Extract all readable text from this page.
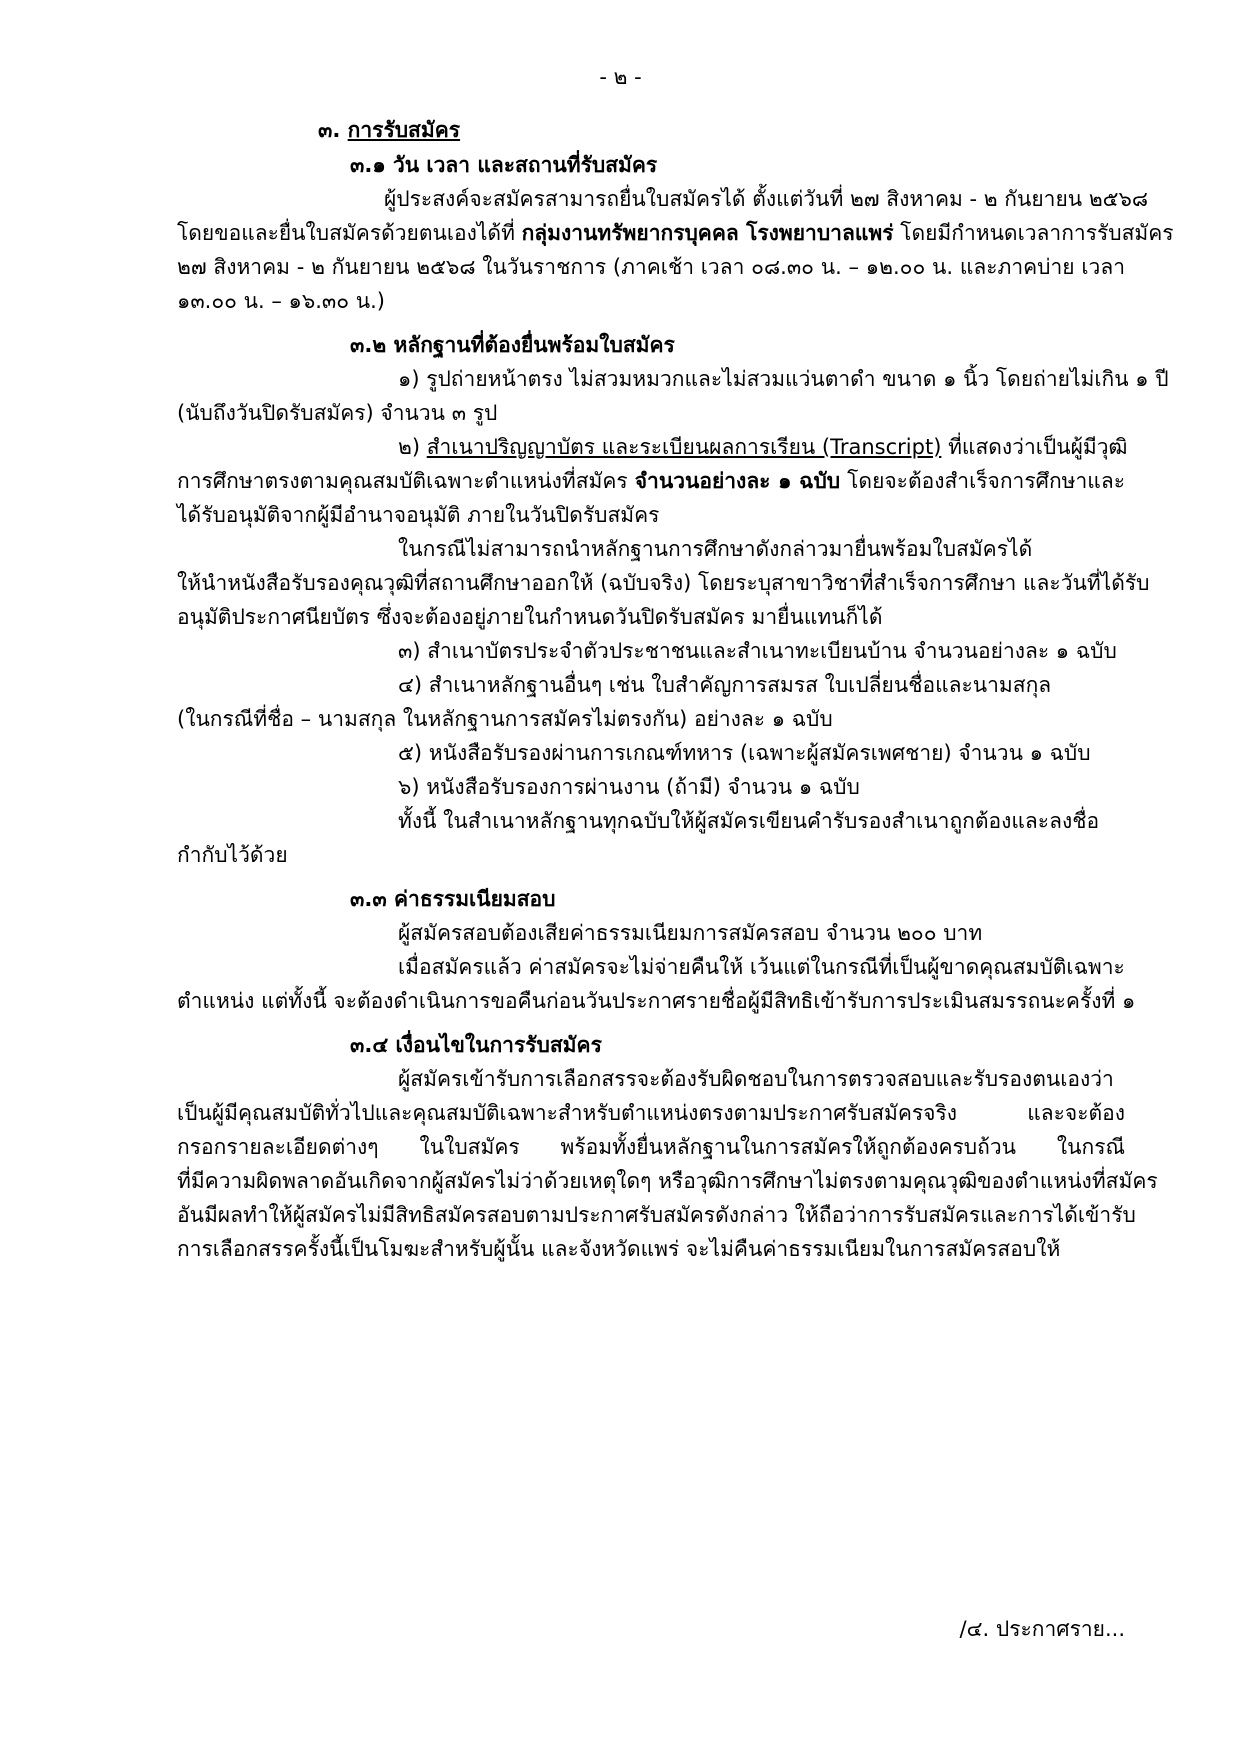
- ๒ -
๓. การรับสมัคร
๓.๑ วัน เวลา และสถานที่รับสมัคร
ผู้ประสงค์จะสมัครสามารถยื่นใบสมัครได้ ตั้งแต่วันที่ ๒๗ สิงหาคม - ๒ กันยายน ๒๕๖๘
โดยขอและยื่นใบสมัครด้วยตนเองได้ที่ กลุ่มงานทรัพยากรบุคคล โรงพยาบาลแพร่ โดยมีกำหนดเวลาการรับสมัคร
๒๗ สิงหาคม - ๒ กันยายน ๒๕๖๘ ในวันราชการ (ภาคเช้า เวลา ๐๘.๓๐ น. – ๑๒.๐๐ น. และภาคบ่าย เวลา
๑๓.๐๐ น. – ๑๖.๓๐ น.)
๓.๒ หลักฐานที่ต้องยื่นพร้อมใบสมัคร
๑) รูปถ่ายหน้าตรง ไม่สวมหมวกและไม่สวมแว่นตาดำ ขนาด ๑ นิ้ว โดยถ่ายไม่เกิน ๑ ปี
(นับถึงวันปิดรับสมัคร) จำนวน ๓ รูป
๒) สำเนาปริญญาบัตร และระเบียนผลการเรียน (Transcript) ที่แสดงว่าเป็นผู้มีวุฒิ
การศึกษาตรงตามคุณสมบัติเฉพาะตำแหน่งที่สมัคร จำนวนอย่างละ ๑ ฉบับ โดยจะต้องสำเร็จการศึกษาและ
ได้รับอนุมัติจากผู้มีอำนาจอนุมัติ ภายในวันปิดรับสมัคร
ในกรณีไม่สามารถนำหลักฐานการศึกษาดังกล่าวมายื่นพร้อมใบสมัครได้
ให้นำหนังสือรับรองคุณวุฒิที่สถานศึกษาออกให้ (ฉบับจริง) โดยระบุสาขาวิชาที่สำเร็จการศึกษา และวันที่ได้รับ
อนุมัติประกาศนียบัตร ซึ่งจะต้องอยู่ภายในกำหนดวันปิดรับสมัคร มายื่นแทนก็ได้
๓) สำเนาบัตรประจำตัวประชาชนและสำเนาทะเบียนบ้าน จำนวนอย่างละ ๑ ฉบับ
๔) สำเนาหลักฐานอื่นๆ เช่น ใบสำคัญการสมรส ใบเปลี่ยนชื่อและนามสกุล
(ในกรณีที่ชื่อ – นามสกุล ในหลักฐานการสมัครไม่ตรงกัน) อย่างละ ๑ ฉบับ
๕) หนังสือรับรองผ่านการเกณฑ์ทหาร (เฉพาะผู้สมัครเพศชาย) จำนวน ๑ ฉบับ
๖) หนังสือรับรองการผ่านงาน (ถ้ามี) จำนวน ๑ ฉบับ
ทั้งนี้ ในสำเนาหลักฐานทุกฉบับให้ผู้สมัครเขียนคำรับรองสำเนาถูกต้องและลงชื่อ
กำกับไว้ด้วย
๓.๓ ค่าธรรมเนียมสอบ
ผู้สมัครสอบต้องเสียค่าธรรมเนียมการสมัครสอบ จำนวน ๒๐๐ บาท
เมื่อสมัครแล้ว ค่าสมัครจะไม่จ่ายคืนให้ เว้นแต่ในกรณีที่เป็นผู้ขาดคุณสมบัติเฉพาะ
ตำแหน่ง แต่ทั้งนี้ จะต้องดำเนินการขอคืนก่อนวันประกาศรายชื่อผู้มีสิทธิเข้ารับการประเมินสมรรถนะครั้งที่ ๑
๓.๔ เงื่อนไขในการรับสมัคร
ผู้สมัครเข้ารับการเลือกสรรจะต้องรับผิดชอบในการตรวจสอบและรับรองตนเองว่า
เป็นผู้มีคุณสมบัติทั่วไปและคุณสมบัติเฉพาะสำหรับตำแหน่งตรงตามประกาศรับสมัครจริง และจะต้อง
กรอกรายละเอียดต่างๆ ในใบสมัคร พร้อมทั้งยื่นหลักฐานในการสมัครให้ถูกต้องครบถ้วน ในกรณี
ที่มีความผิดพลาดอันเกิดจากผู้สมัครไม่ว่าด้วยเหตุใดๆ หรือวุฒิการศึกษาไม่ตรงตามคุณวุฒิของตำแหน่งที่สมัคร
อันมีผลทำให้ผู้สมัครไม่มีสิทธิสมัครสอบตามประกาศรับสมัครดังกล่าว ให้ถือว่าการรับสมัครและการได้เข้ารับ
การเลือกสรรครั้งนี้เป็นโมฆะสำหรับผู้นั้น และจังหวัดแพร่ จะไม่คืนค่าธรรมเนียมในการสมัครสอบให้
/๔. ประกาศราย...
